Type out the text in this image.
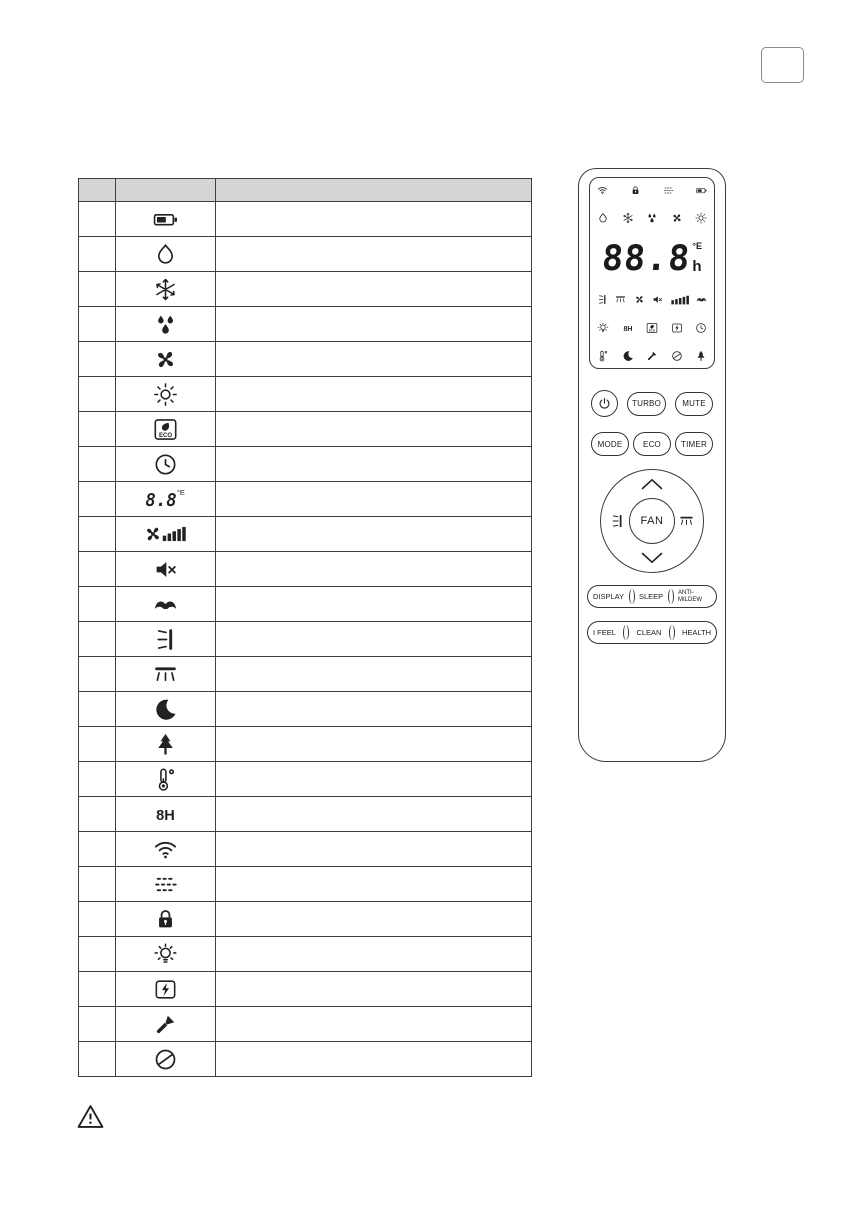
ECO	

8.8 °E	

8H	

88.8 °E
h
8H	ECO
TURBO	MUTE
MODE	ECO	TIMER
FAN
DISPLAY SLEEP ANTI-MILDEW
I FEEL	CLEAN	HEALTH
